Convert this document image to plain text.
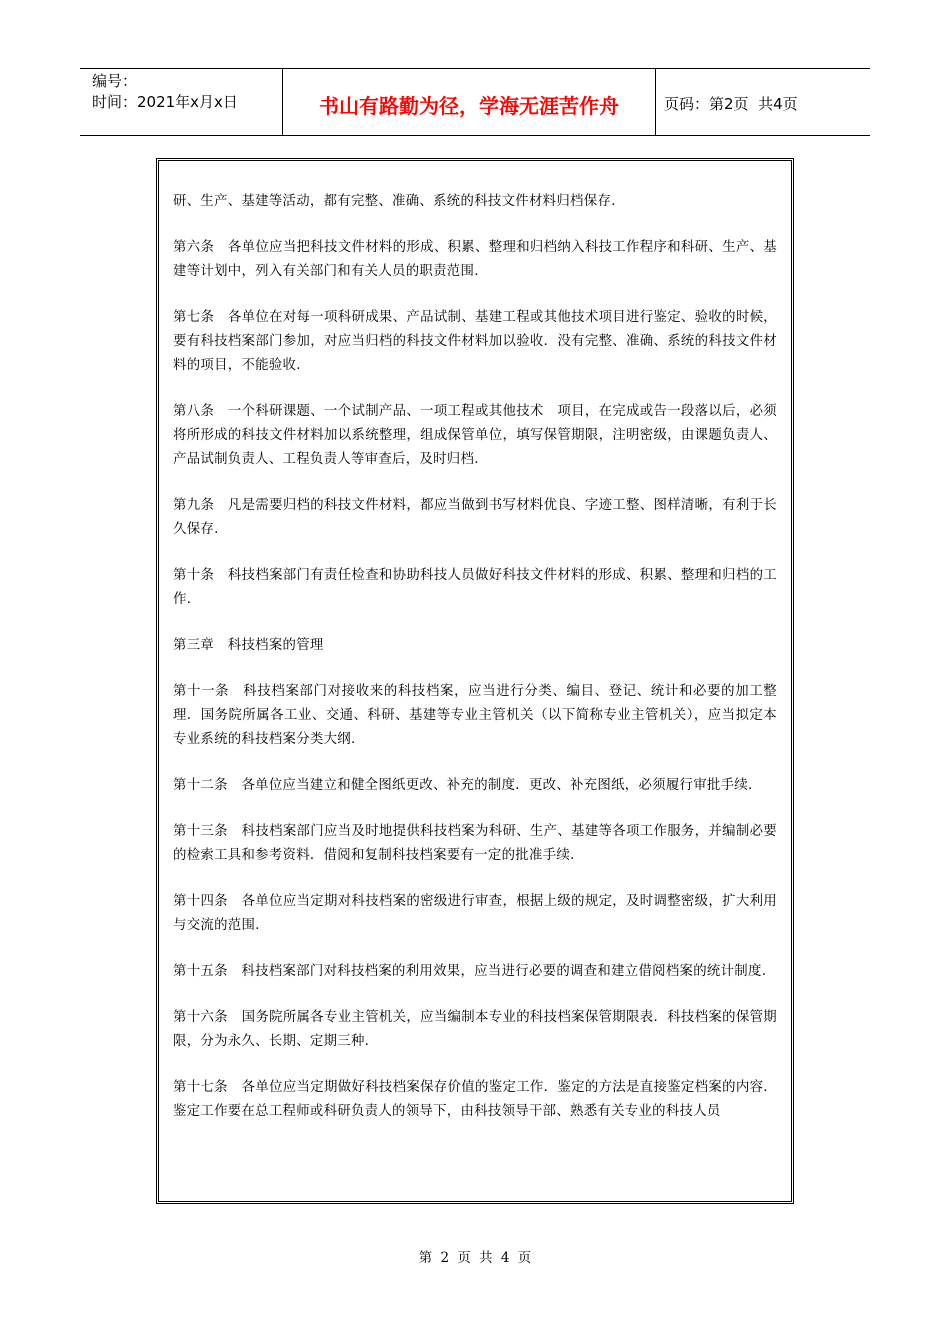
编号：
时间：2021年x月x日	书山有路勤为径，学海无涯苦作舟	页码：第2页  共4页

研、生产、基建等活动，都有完整、准确、系统的科技文件材料归档保存.

第六条　各单位应当把科技文件材料的形成、积累、整理和归档纳入科技工作程序和科研、生产、基建等计划中，列入有关部门和有关人员的职责范围.

第七条　各单位在对每一项科研成果、产品试制、基建工程或其他技术项目进行鉴定、验收的时候，要有科技档案部门参加，对应当归档的科技文件材料加以验收．没有完整、准确、系统的科技文件材料的项目，不能验收.

第八条　一个科研课题、一个试制产品、一项工程或其他技术　项目，在完成或告一段落以后，必须将所形成的科技文件材料加以系统整理，组成保管单位，填写保管期限，注明密级，由课题负责人、产品试制负责人、工程负责人等审查后，及时归档.

第九条　凡是需要归档的科技文件材料，都应当做到书写材料优良、字迹工整、图样清晰，有利于长久保存.

第十条　科技档案部门有责任检查和协助科技人员做好科技文件材料的形成、积累、整理和归档的工作.

第三章　科技档案的管理

第十一条　科技档案部门对接收来的科技档案，应当进行分类、编目、登记、统计和必要的加工整理．国务院所属各工业、交通、科研、基建等专业主管机关（以下简称专业主管机关），应当拟定本专业系统的科技档案分类大纲.

第十二条　各单位应当建立和健全图纸更改、补充的制度．更改、补充图纸，必须履行审批手续.

第十三条　科技档案部门应当及时地提供科技档案为科研、生产、基建等各项工作服务，并编制必要的检索工具和参考资料．借阅和复制科技档案要有一定的批准手续.

第十四条　各单位应当定期对科技档案的密级进行审查，根据上级的规定，及时调整密级，扩大利用与交流的范围.

第十五条　科技档案部门对科技档案的利用效果，应当进行必要的调查和建立借阅档案的统计制度.

第十六条　国务院所属各专业主管机关，应当编制本专业的科技档案保管期限表．科技档案的保管期限，分为永久、长期、定期三种.

第十七条　各单位应当定期做好科技档案保存价值的鉴定工作．鉴定的方法是直接鉴定档案的内容．鉴定工作要在总工程师或科研负责人的领导下，由科技领导干部、熟悉有关专业的科技人员

第 2 页 共 4 页
